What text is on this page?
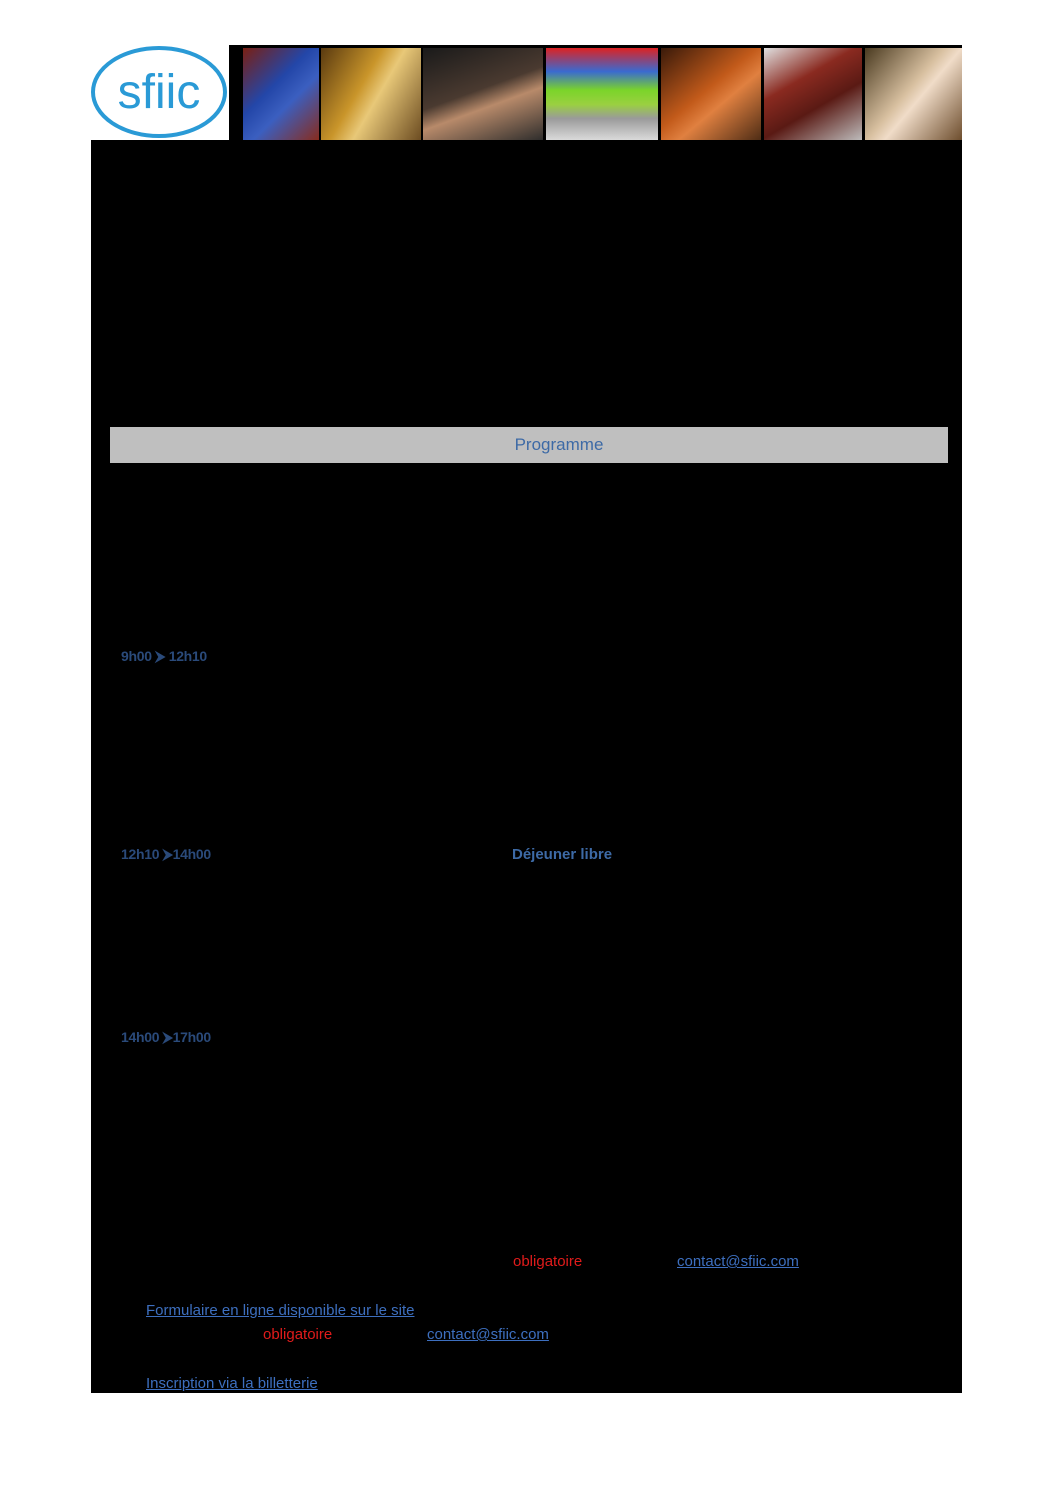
sfiic
Programme
9h00 ⮞ 12h10
12h10 ⮞14h00	Déjeuner libre
14h00 ⮞17h00
obligatoire	contact@sfiic.com
Formulaire en ligne disponible sur le site
obligatoire	contact@sfiic.com
Inscription via la billetterie
